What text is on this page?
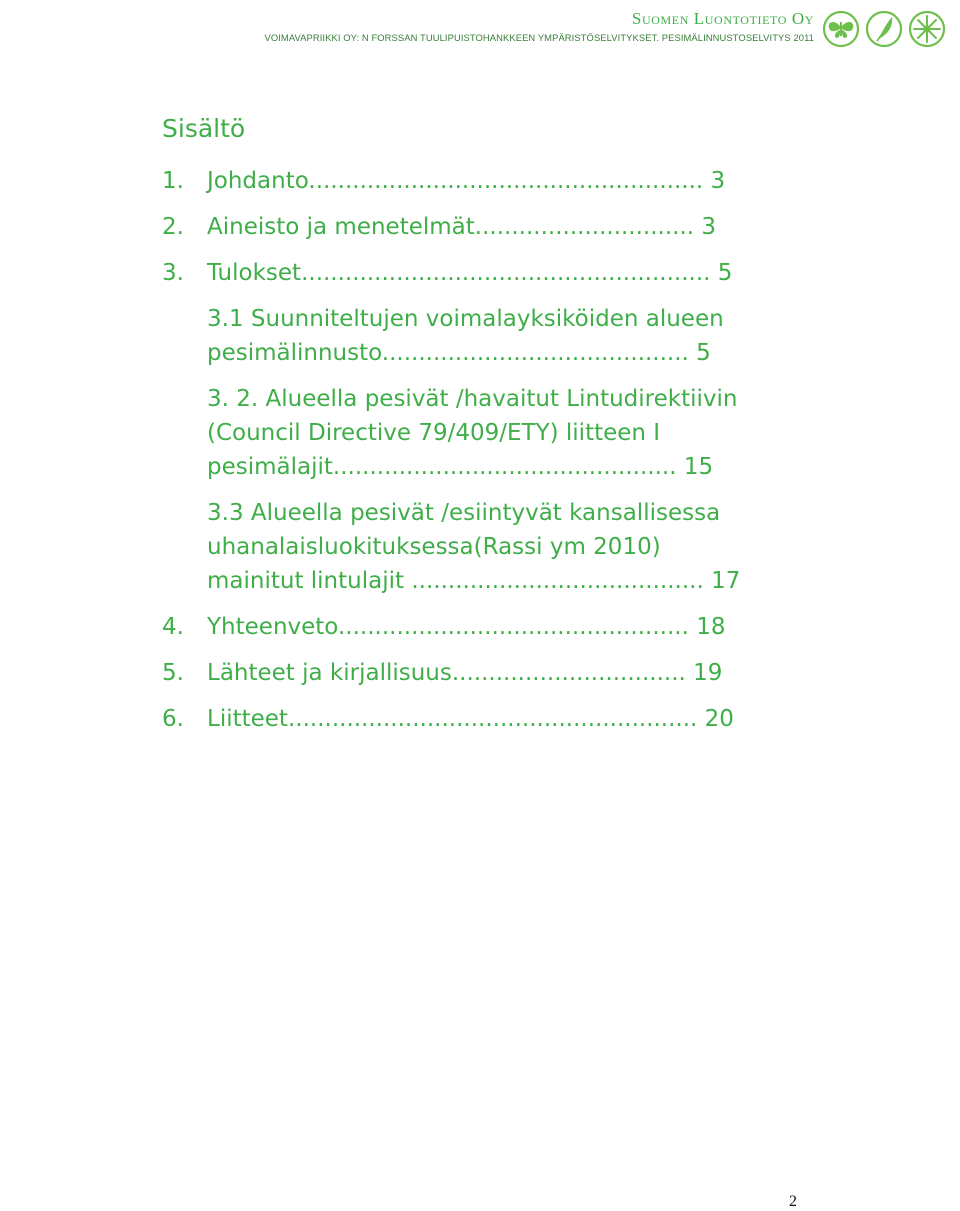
Suomen Luontotieto Oy
VOIMAVAPRIIKKI OY: N FORSSAN TUULIPUISTOHANKKEEN YMPÄRISTÖSELVITYKSET. PESIMÄLINNUSTOSELVITYS 2011
Sisältö
1. Johdanto...................................................... 3
2. Aineisto ja menetelmät.............................. 3
3. Tulokset........................................................ 5
3.1 Suunniteltujen voimalayksiköiden alueen
pesimälinnusto.......................................... 5
3. 2. Alueella pesivät /havaitut Lintudirektiivin
(Council Directive 79/409/ETY) liitteen I
pesimälajit............................................... 15
3.3 Alueella pesivät /esiintyvät kansallisessa
uhanalaisluokituksessa(Rassi ym 2010)
mainitut lintulajit ........................................ 17
4. Yhteenveto................................................ 18
5. Lähteet ja kirjallisuus................................ 19
6. Liitteet........................................................ 20
2
